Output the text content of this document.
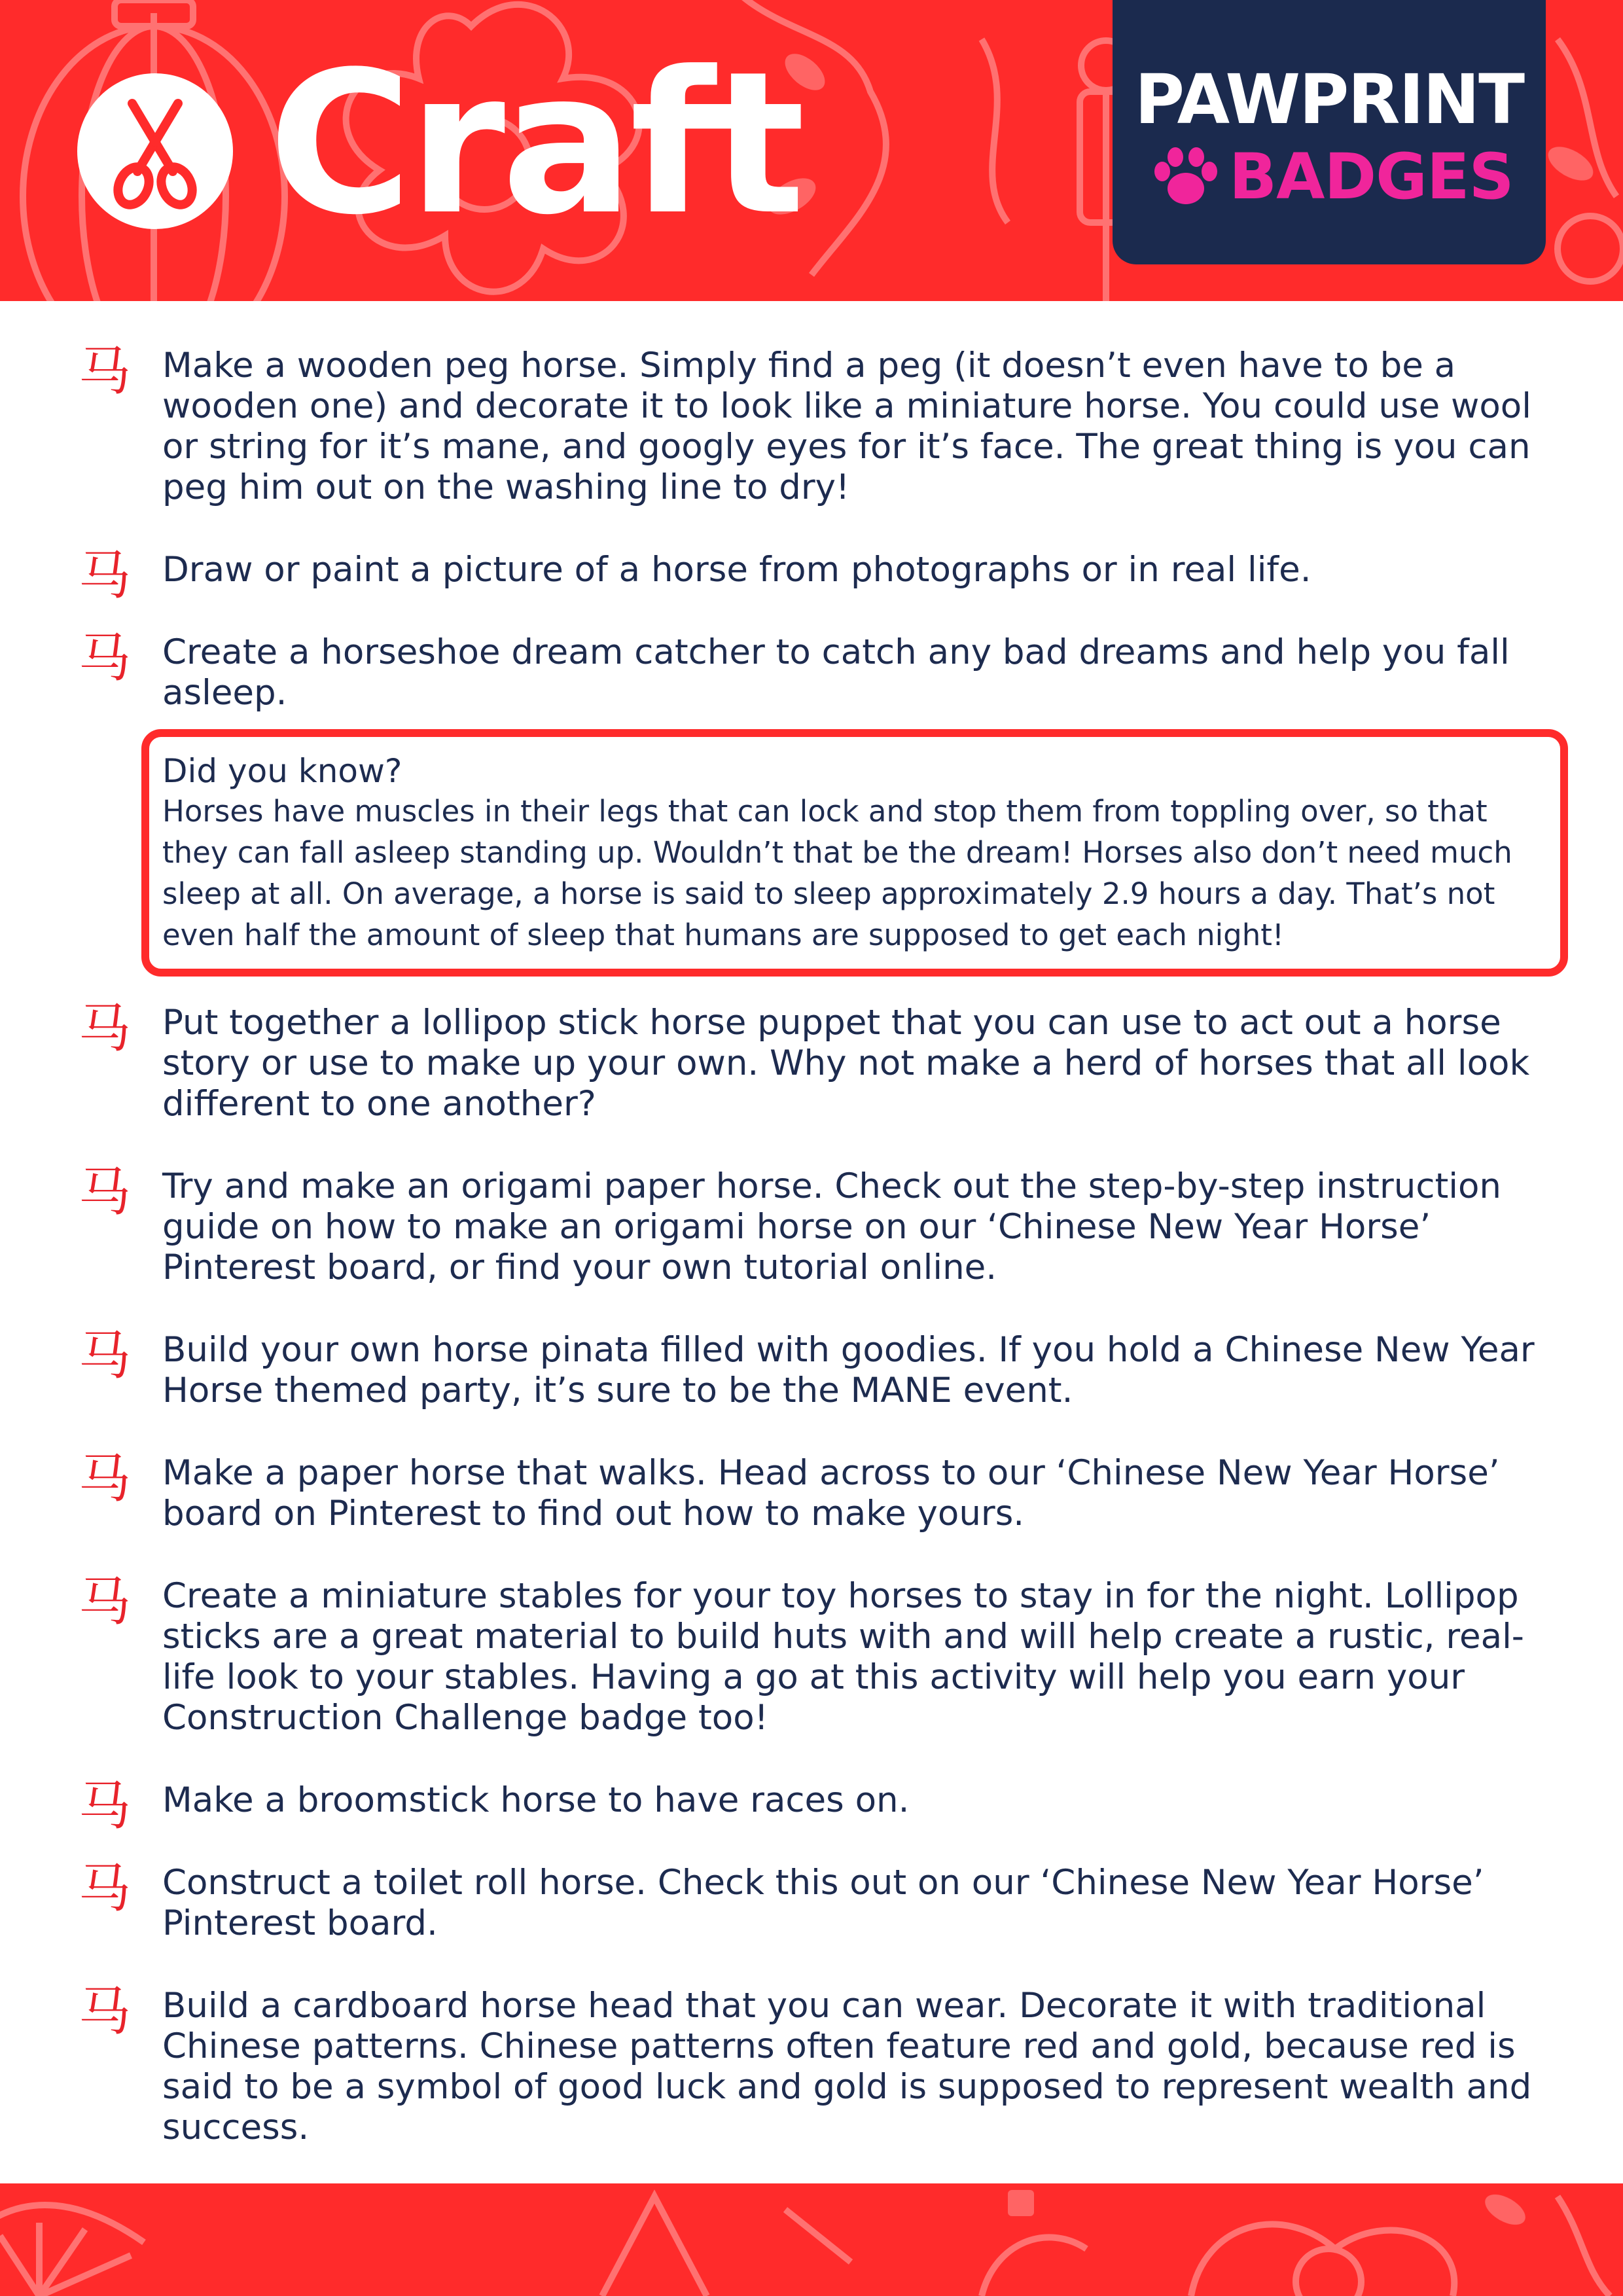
Craft	PAWPRINT
BADGES
马 Make a wooden peg horse. Simply find a peg (it doesn’t even have to be a wooden one) and decorate it to look like a miniature horse. You could use wool or string for it’s mane, and googly eyes for it’s face. The great thing is you can peg him out on the washing line to dry!
马 Draw or paint a picture of a horse from photographs or in real life.
马 Create a horseshoe dream catcher to catch any bad dreams and help you fall asleep.
Did you know?
Horses have muscles in their legs that can lock and stop them from toppling over, so that they can fall asleep standing up. Wouldn’t that be the dream! Horses also don’t need much sleep at all. On average, a horse is said to sleep approximately 2.9 hours a day. That’s not even half the amount of sleep that humans are supposed to get each night!
马 Put together a lollipop stick horse puppet that you can use to act out a horse story or use to make up your own. Why not make a herd of horses that all look different to one another?
马 Try and make an origami paper horse. Check out the step-by-step instruction guide on how to make an origami horse on our ‘Chinese New Year Horse’ Pinterest board, or find your own tutorial online.
马 Build your own horse pinata filled with goodies. If you hold a Chinese New Year Horse themed party, it’s sure to be the MANE event.
马 Make a paper horse that walks. Head across to our ‘Chinese New Year Horse’ board on Pinterest to find out how to make yours.
马 Create a miniature stables for your toy horses to stay in for the night. Lollipop sticks are a great material to build huts with and will help create a rustic, real-life look to your stables. Having a go at this activity will help you earn your Construction Challenge badge too!
马 Make a broomstick horse to have races on.
马 Construct a toilet roll horse. Check this out on our ‘Chinese New Year Horse’ Pinterest board.
马 Build a cardboard horse head that you can wear. Decorate it with traditional Chinese patterns. Chinese patterns often feature red and gold, because red is said to be a symbol of good luck and gold is supposed to represent wealth and success.
